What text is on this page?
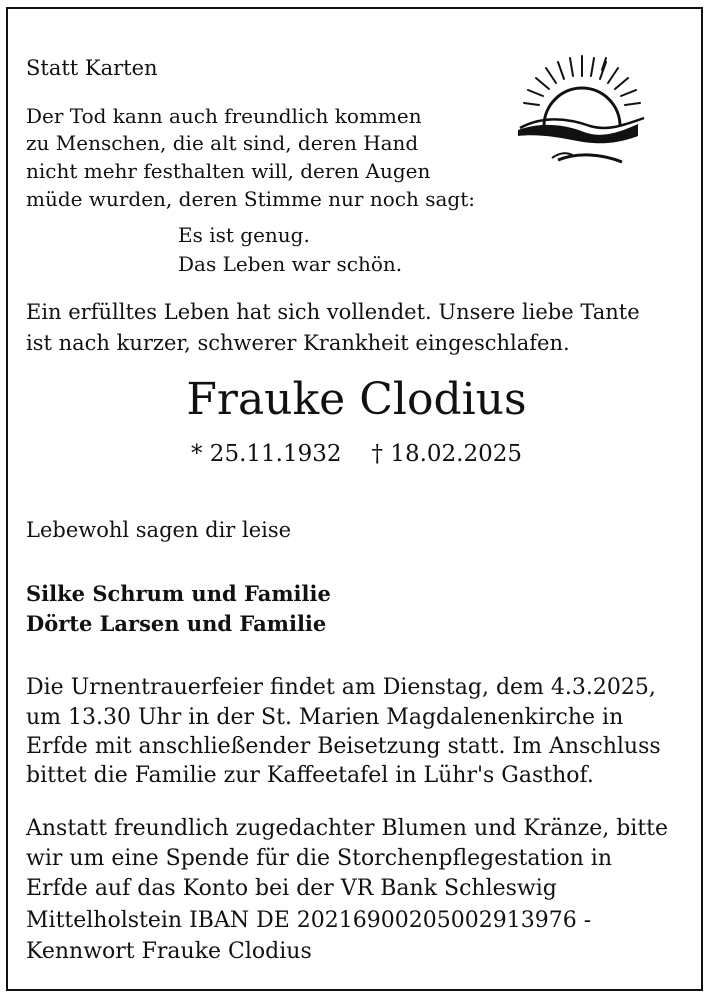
Statt Karten
Der Tod kann auch freundlich kommen
zu Menschen, die alt sind, deren Hand
nicht mehr festhalten will, deren Augen
müde wurden, deren Stimme nur noch sagt:
Es ist genug.
Das Leben war schön.
Ein erfülltes Leben hat sich vollendet. Unsere liebe Tante
ist nach kurzer, schwerer Krankheit eingeschlafen.
Frauke Clodius
* 25.11.1932 † 18.02.2025
Lebewohl sagen dir leise
Silke Schrum und Familie
Dörte Larsen und Familie
Die Urnentrauerfeier findet am Dienstag, dem 4.3.2025,
um 13.30 Uhr in der St. Marien Magdalenenkirche in
Erfde mit anschließender Beisetzung statt. Im Anschluss
bittet die Familie zur Kaffeetafel in Lühr's Gasthof.
Anstatt freundlich zugedachter Blumen und Kränze, bitte
wir um eine Spende für die Storchenpflegestation in
Erfde auf das Konto bei der VR Bank Schleswig
Mittelholstein IBAN DE 20216900205002913976 -
Kennwort Frauke Clodius
